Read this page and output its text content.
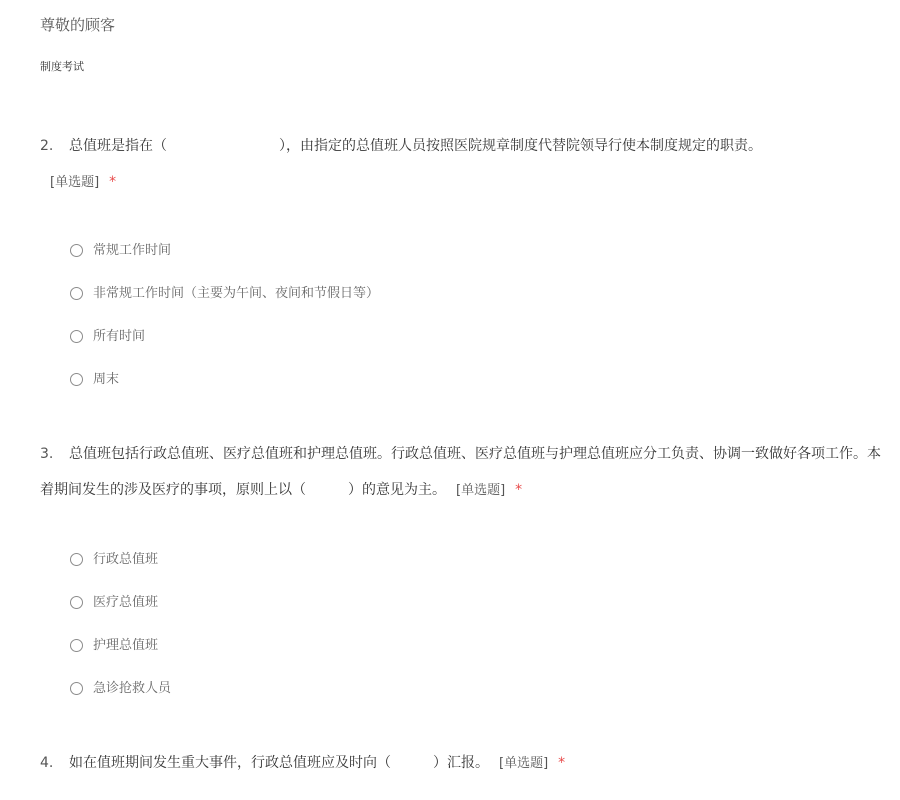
尊敬的顾客
制度考试
2. 总值班是指在（　　　　　　　　），由指定的总值班人员按照医院规章制度代替院领导行使本制度规定的职责。
[单选题] *
常规工作时间
非常规工作时间（主要为午间、夜间和节假日等）
所有时间
周末
3. 总值班包括行政总值班、医疗总值班和护理总值班。行政总值班、医疗总值班与护理总值班应分工负责、协调一致做好各项工作。本着期间发生的涉及医疗的事项，原则上以（　　　）的意见为主。 [单选题] *
行政总值班
医疗总值班
护理总值班
急诊抢救人员
4. 如在值班期间发生重大事件，行政总值班应及时向（　　　）汇报。 [单选题] *
